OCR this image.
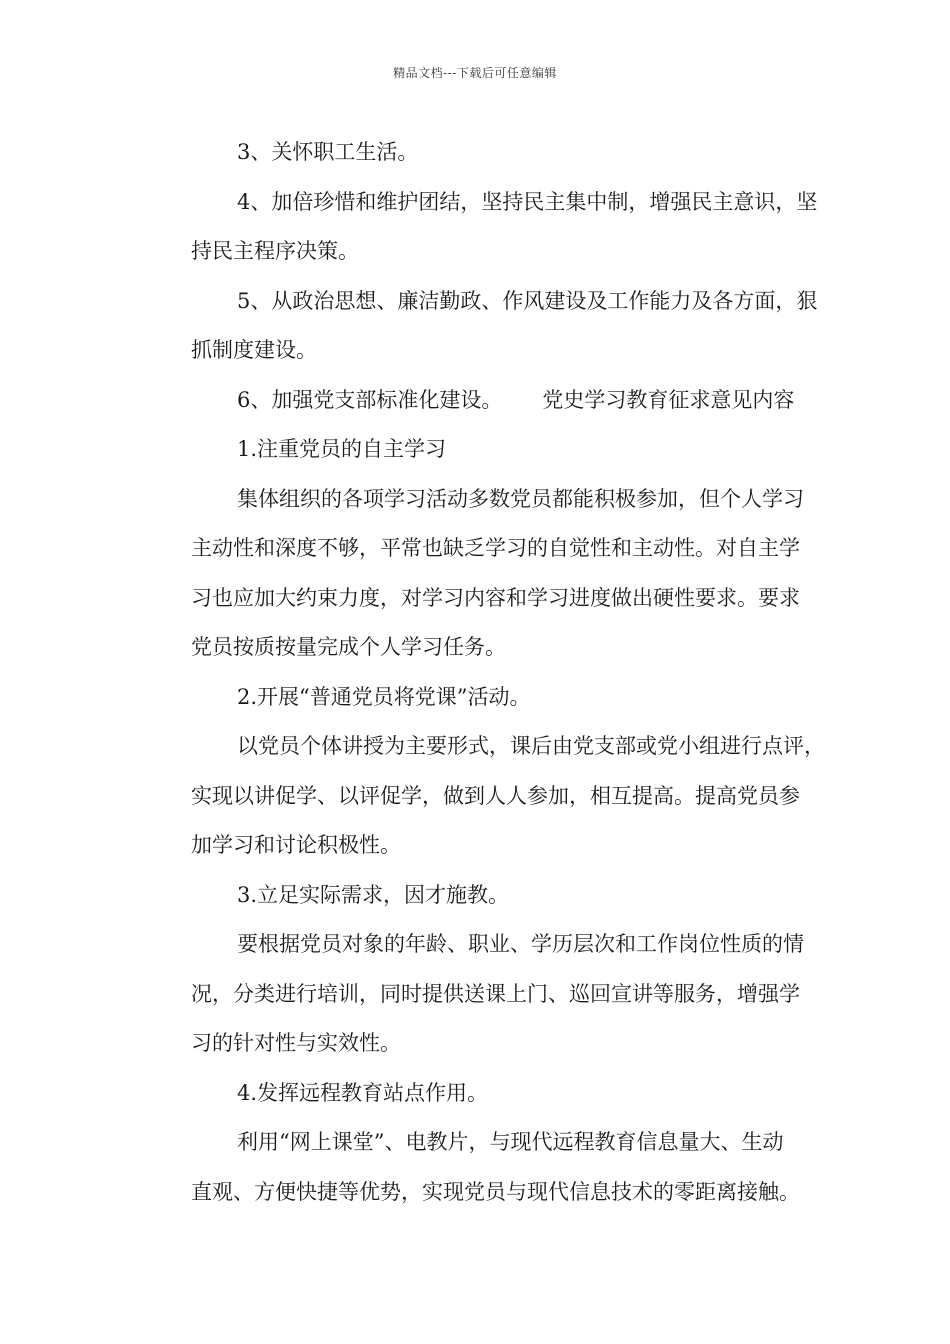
精品文档---下载后可任意编辑
3、关怀职工生活。
4、加倍珍惜和维护团结，坚持民主集中制，增强民主意识，坚
持民主程序决策。
5、从政治思想、廉洁勤政、作风建设及工作能力及各方面，狠
抓制度建设。
6、加强党支部标准化建设。      党史学习教育征求意见内容
1.注重党员的自主学习
集体组织的各项学习活动多数党员都能积极参加，但个人学习
主动性和深度不够，平常也缺乏学习的自觉性和主动性。对自主学
习也应加大约束力度，对学习内容和学习进度做出硬性要求。要求
党员按质按量完成个人学习任务。
2.开展“普通党员将党课”活动。
以党员个体讲授为主要形式，课后由党支部或党小组进行点评，
实现以讲促学、以评促学，做到人人参加，相互提高。提高党员参
加学习和讨论积极性。
3.立足实际需求，因才施教。
要根据党员对象的年龄、职业、学历层次和工作岗位性质的情
况，分类进行培训，同时提供送课上门、巡回宣讲等服务，增强学
习的针对性与实效性。
4.发挥远程教育站点作用。
利用“网上课堂”、电教片，与现代远程教育信息量大、生动
直观、方便快捷等优势，实现党员与现代信息技术的零距离接触。
